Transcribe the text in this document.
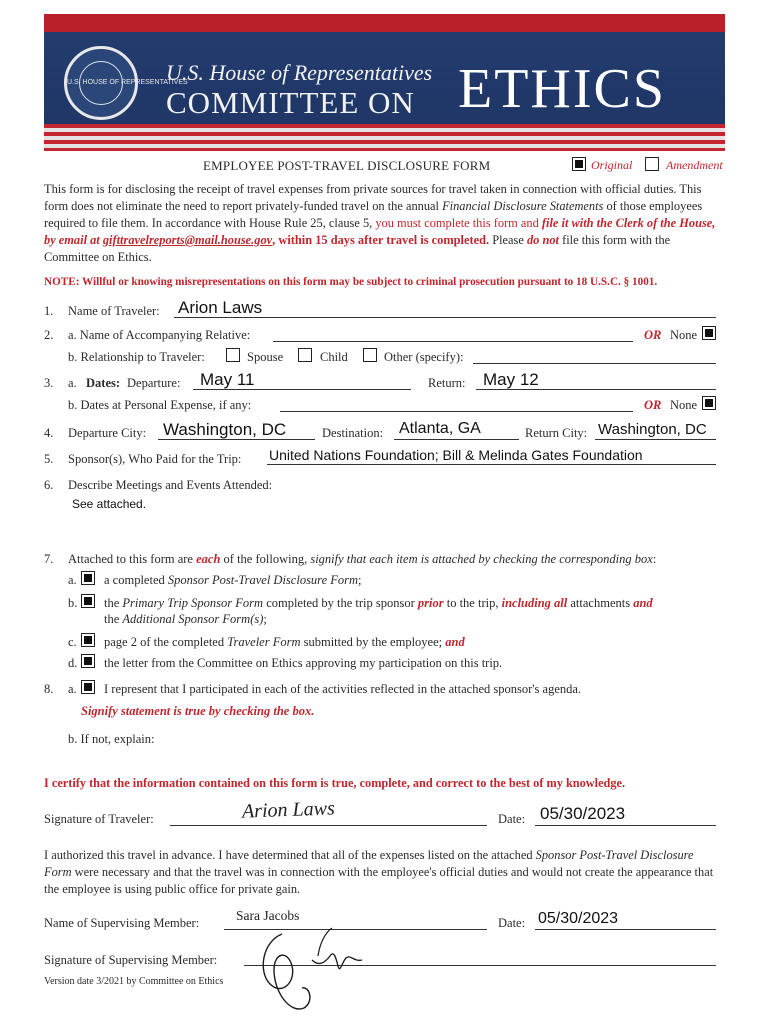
U.S. HOUSE OF REPRESENTATIVES
U.S. House of Representatives
COMMITTEE ON ETHICS
EMPLOYEE POST-TRAVEL DISCLOSURE FORM	Original	Amendment

This form is for disclosing the receipt of travel expenses from private sources for travel taken in connection with official duties. This form does not eliminate the need to report privately-funded travel on the annual Financial Disclosure Statements of those employees required to file them. In accordance with House Rule 25, clause 5, you must complete this form and file it with the Clerk of the House, by email at gifttravelreports@mail.house.gov, within 15 days after travel is completed. Please do not file this form with the Committee on Ethics.

NOTE: Willful or knowing misrepresentations on this form may be subject to criminal prosecution pursuant to 18 U.S.C. § 1001.
1. Name of Traveler: Arion Laws
2. a. Name of Accompanying Relative:	OR None
b. Relationship to Traveler:	Spouse	Child	Other (specify):
3. a. Dates: Departure: May 11	Return: May 12
b. Dates at Personal Expense, if any:	OR None
4. Departure City: Washington, DC	Destination: Atlanta, GA	Return City: Washington, DC
5. Sponsor(s), Who Paid for the Trip: United Nations Foundation; Bill & Melinda Gates Foundation
6. Describe Meetings and Events Attended:
See attached.
7. Attached to this form are each of the following, signify that each item is attached by checking the corresponding box:
a. a completed Sponsor Post-Travel Disclosure Form;
b. the Primary Trip Sponsor Form completed by the trip sponsor prior to the trip, including all attachments and
the Additional Sponsor Form(s);
c. page 2 of the completed Traveler Form submitted by the employee; and
d. the letter from the Committee on Ethics approving my participation on this trip.
8. a. I represent that I participated in each of the activities reflected in the attached sponsor's agenda.
Signify statement is true by checking the box.
b. If not, explain:
I certify that the information contained on this form is true, complete, and correct to the best of my knowledge.
Signature of Traveler:	Arion Laws	Date: 05/30/2023

I authorized this travel in advance. I have determined that all of the expenses listed on the attached Sponsor Post-Travel Disclosure Form were necessary and that the travel was in connection with the employee's official duties and would not create the appearance that the employee is using public office for private gain.

Name of Supervising Member:	Sara Jacobs	Date: 05/30/2023
Signature of Supervising Member:
Version date 3/2021 by Committee on Ethics
